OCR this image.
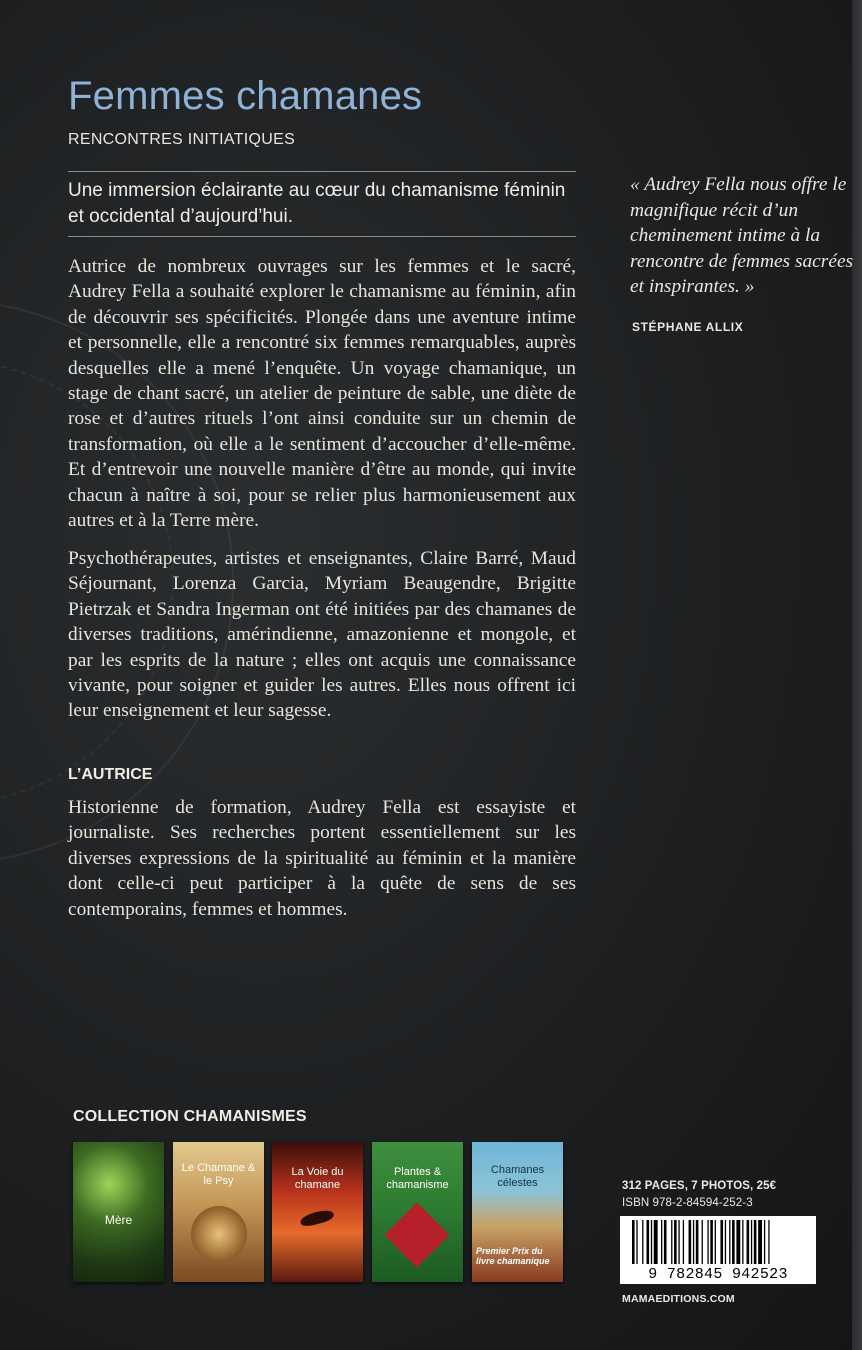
Femmes chamanes
RENCONTRES INITIATIQUES
Une immersion éclairante au cœur du chamanisme féminin et occidental d’aujourd’hui.

Autrice de nombreux ouvrages sur les femmes et le sacré, Audrey Fella a souhaité explorer le chamanisme au féminin, afin de découvrir ses spécificités. Plongée dans une aventure intime et personnelle, elle a rencontré six femmes remarquables, auprès desquelles elle a mené l’enquête. Un voyage chamanique, un stage de chant sacré, un atelier de peinture de sable, une diète de rose et d’autres rituels l’ont ainsi conduite sur un chemin de transformation, où elle a le sentiment d’accoucher d’elle-même. Et d’entrevoir une nouvelle manière d’être au monde, qui invite chacun à naître à soi, pour se relier plus harmonieusement aux autres et à la Terre mère.

Psychothérapeutes, artistes et enseignantes, Claire Barré, Maud Séjournant, Lorenza Garcia, Myriam Beaugendre, Brigitte Pietrzak et Sandra Ingerman ont été initiées par des chamanes de diverses traditions, amérindienne, amazonienne et mongole, et par les esprits de la nature ; elles ont acquis une connaissance vivante, pour soigner et guider les autres. Elles nous offrent ici leur enseignement et leur sagesse.

L’AUTRICE

Historienne de formation, Audrey Fella est essayiste et journaliste. Ses recherches portent essentiellement sur les diverses expressions de la spiritualité au féminin et la manière dont celle-ci peut participer à la quête de sens de ses contemporains, femmes et hommes.

« Audrey Fella nous offre le magnifique récit d’un cheminement intime à la rencontre de femmes sacrées et inspirantes. »

STÉPHANE ALLIX
COLLECTION CHAMANISMES
Mère
Le Chamane & le Psy
La Voie du chamane
Plantes & chamanisme
Chamanes célestes
Premier Prix du livre chamanique
312 PAGES, 7 PHOTOS, 25€
ISBN 978-2-84594-252-3
9 782845 942523
MAMAEDITIONS.COM
